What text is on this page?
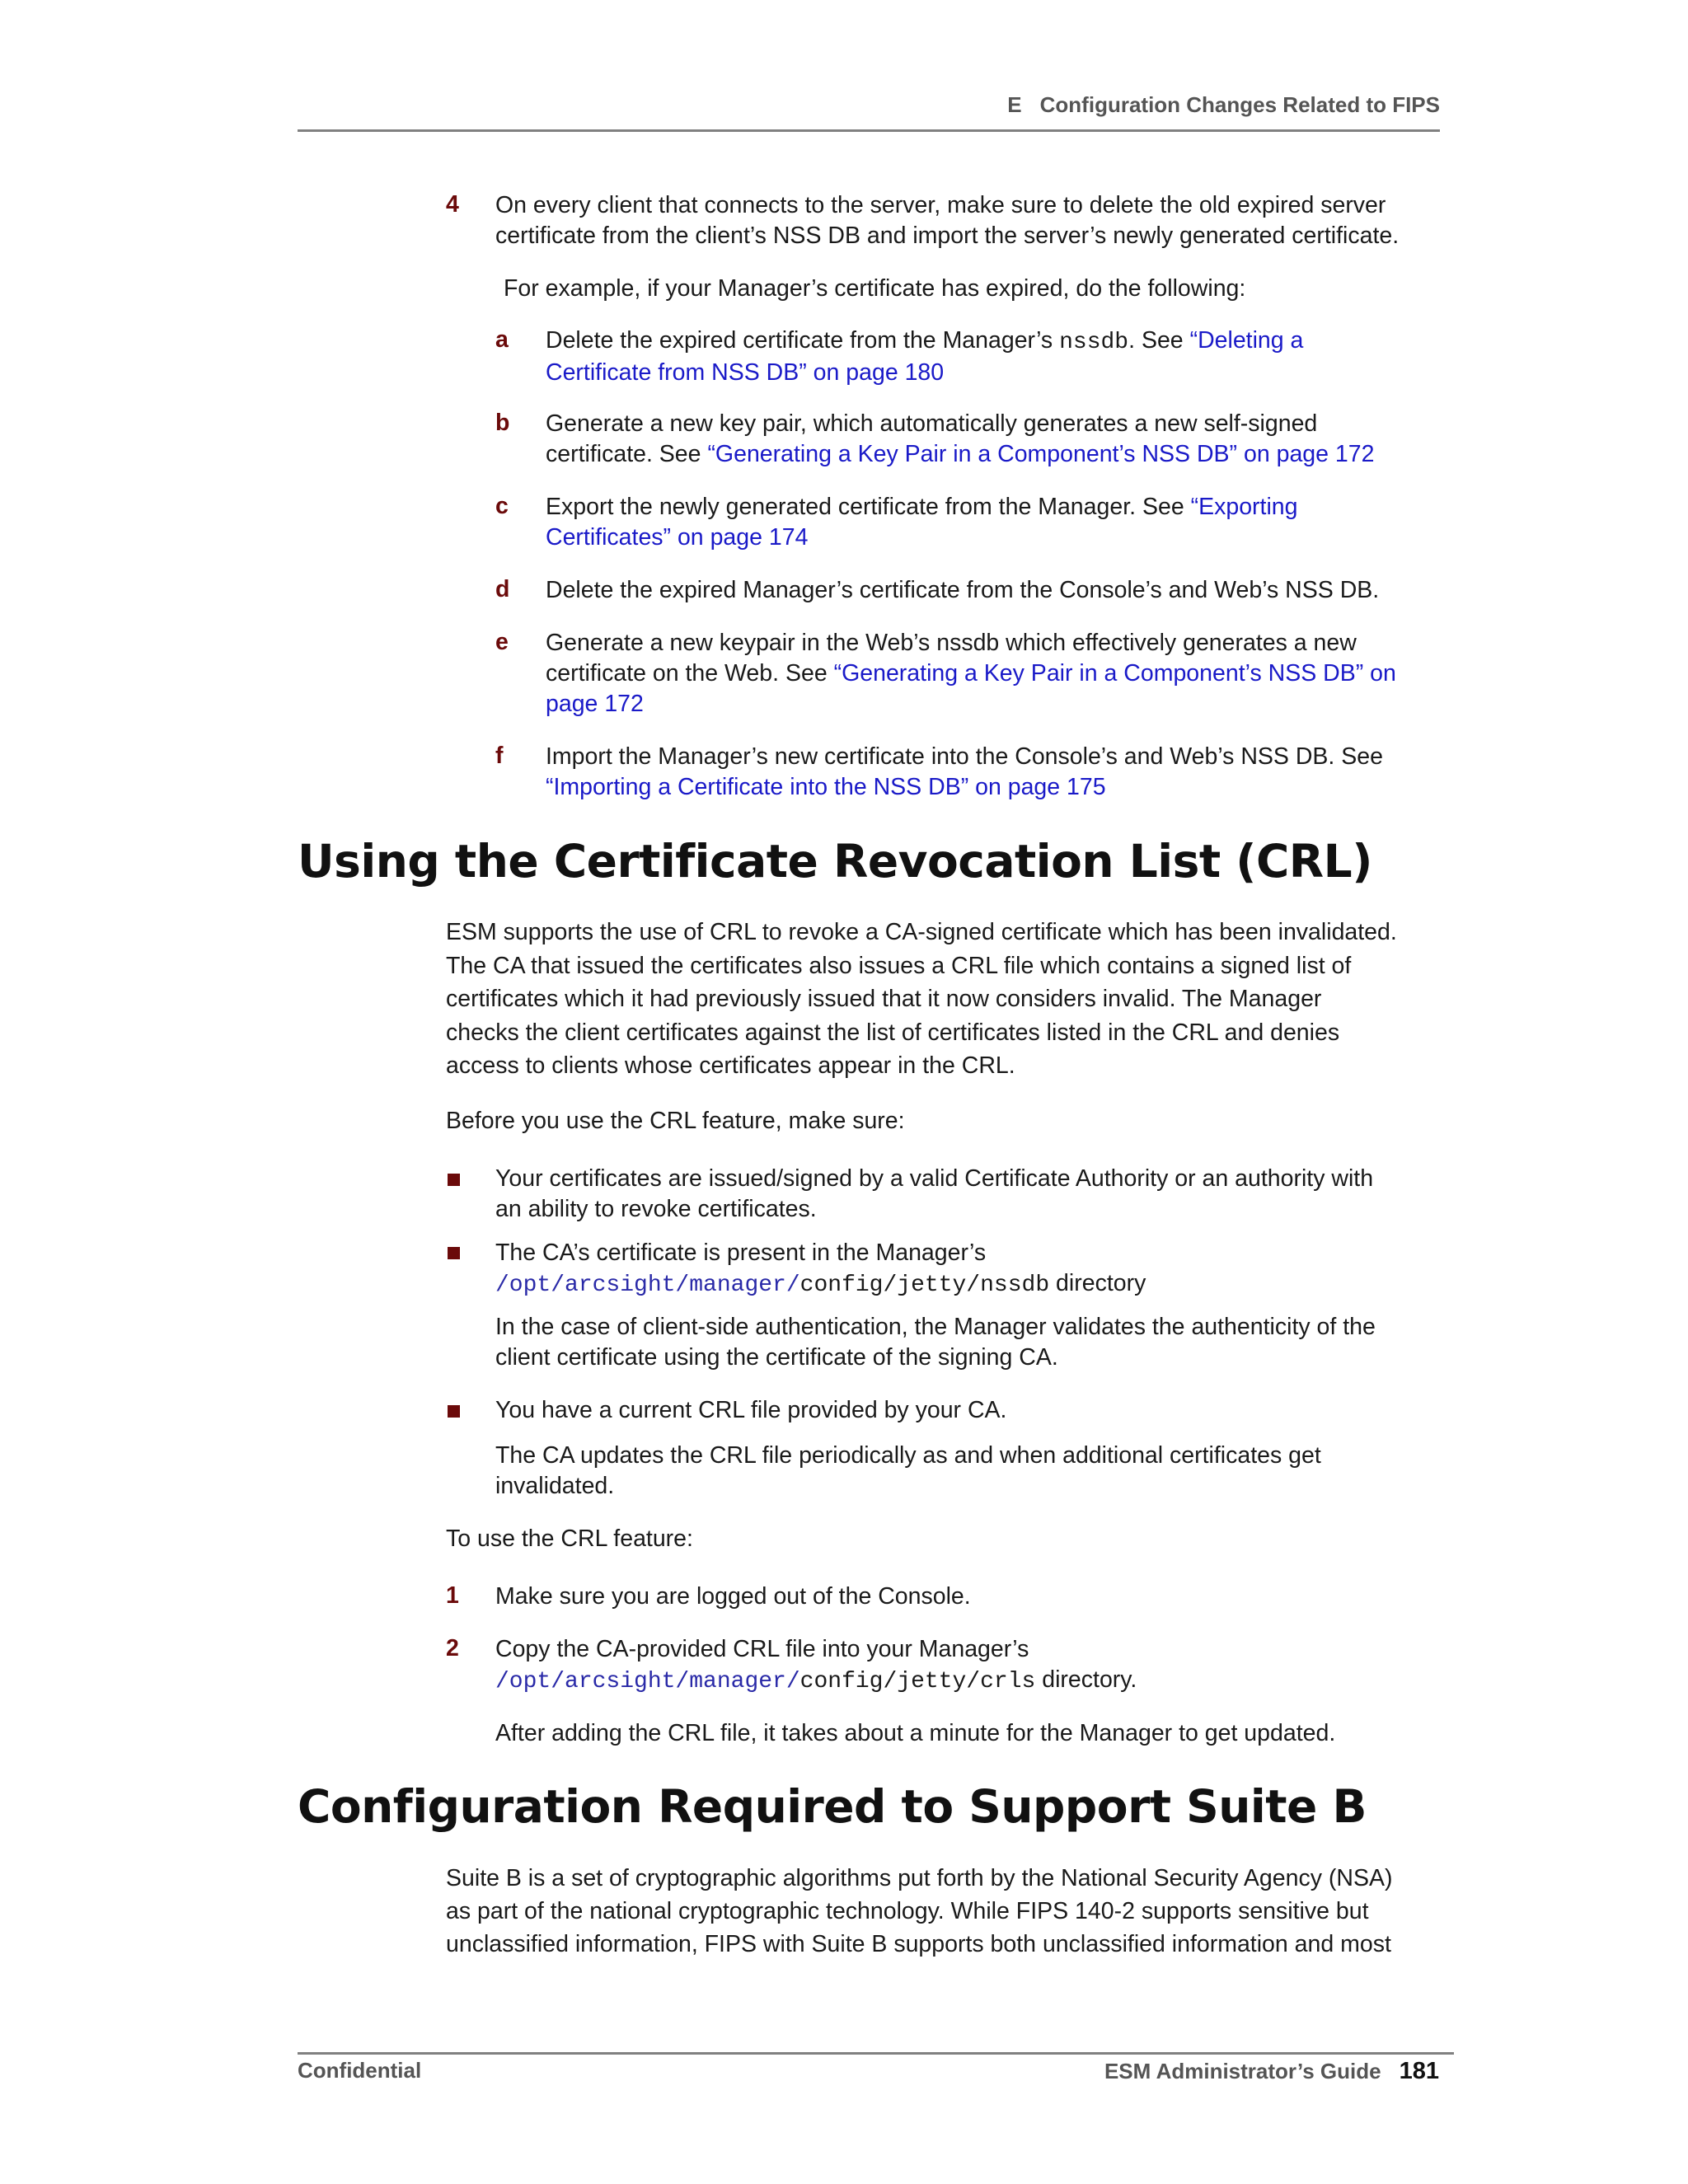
E Configuration Changes Related to FIPS
4 On every client that connects to the server, make sure to delete the old expired server
certificate from the client’s NSS DB and import the server’s newly generated certificate.
For example, if your Manager’s certificate has expired, do the following:
a Delete the expired certificate from the Manager’s nssdb. See “Deleting a
Certificate from NSS DB” on page 180
b Generate a new key pair, which automatically generates a new self-signed
certificate. See “Generating a Key Pair in a Component’s NSS DB” on page 172
c Export the newly generated certificate from the Manager. See “Exporting
Certificates” on page 174
d Delete the expired Manager’s certificate from the Console’s and Web’s NSS DB.
e Generate a new keypair in the Web’s nssdb which effectively generates a new
certificate on the Web. See “Generating a Key Pair in a Component’s NSS DB” on
page 172
f Import the Manager’s new certificate into the Console’s and Web’s NSS DB. See
“Importing a Certificate into the NSS DB” on page 175
Using the Certificate Revocation List (CRL)
ESM supports the use of CRL to revoke a CA-signed certificate which has been invalidated.
The CA that issued the certificates also issues a CRL file which contains a signed list of
certificates which it had previously issued that it now considers invalid. The Manager
checks the client certificates against the list of certificates listed in the CRL and denies
access to clients whose certificates appear in the CRL.
Before you use the CRL feature, make sure:
Your certificates are issued/signed by a valid Certificate Authority or an authority with
an ability to revoke certificates.
The CA’s certificate is present in the Manager’s
/opt/arcsight/manager/config/jetty/nssdb directory
In the case of client-side authentication, the Manager validates the authenticity of the
client certificate using the certificate of the signing CA.
You have a current CRL file provided by your CA.
The CA updates the CRL file periodically as and when additional certificates get
invalidated.
To use the CRL feature:
1 Make sure you are logged out of the Console.
2 Copy the CA-provided CRL file into your Manager’s
/opt/arcsight/manager/config/jetty/crls directory.
After adding the CRL file, it takes about a minute for the Manager to get updated.
Configuration Required to Support Suite B
Suite B is a set of cryptographic algorithms put forth by the National Security Agency (NSA)
as part of the national cryptographic technology. While FIPS 140-2 supports sensitive but
unclassified information, FIPS with Suite B supports both unclassified information and most
Confidential	ESM Administrator’s Guide 181
